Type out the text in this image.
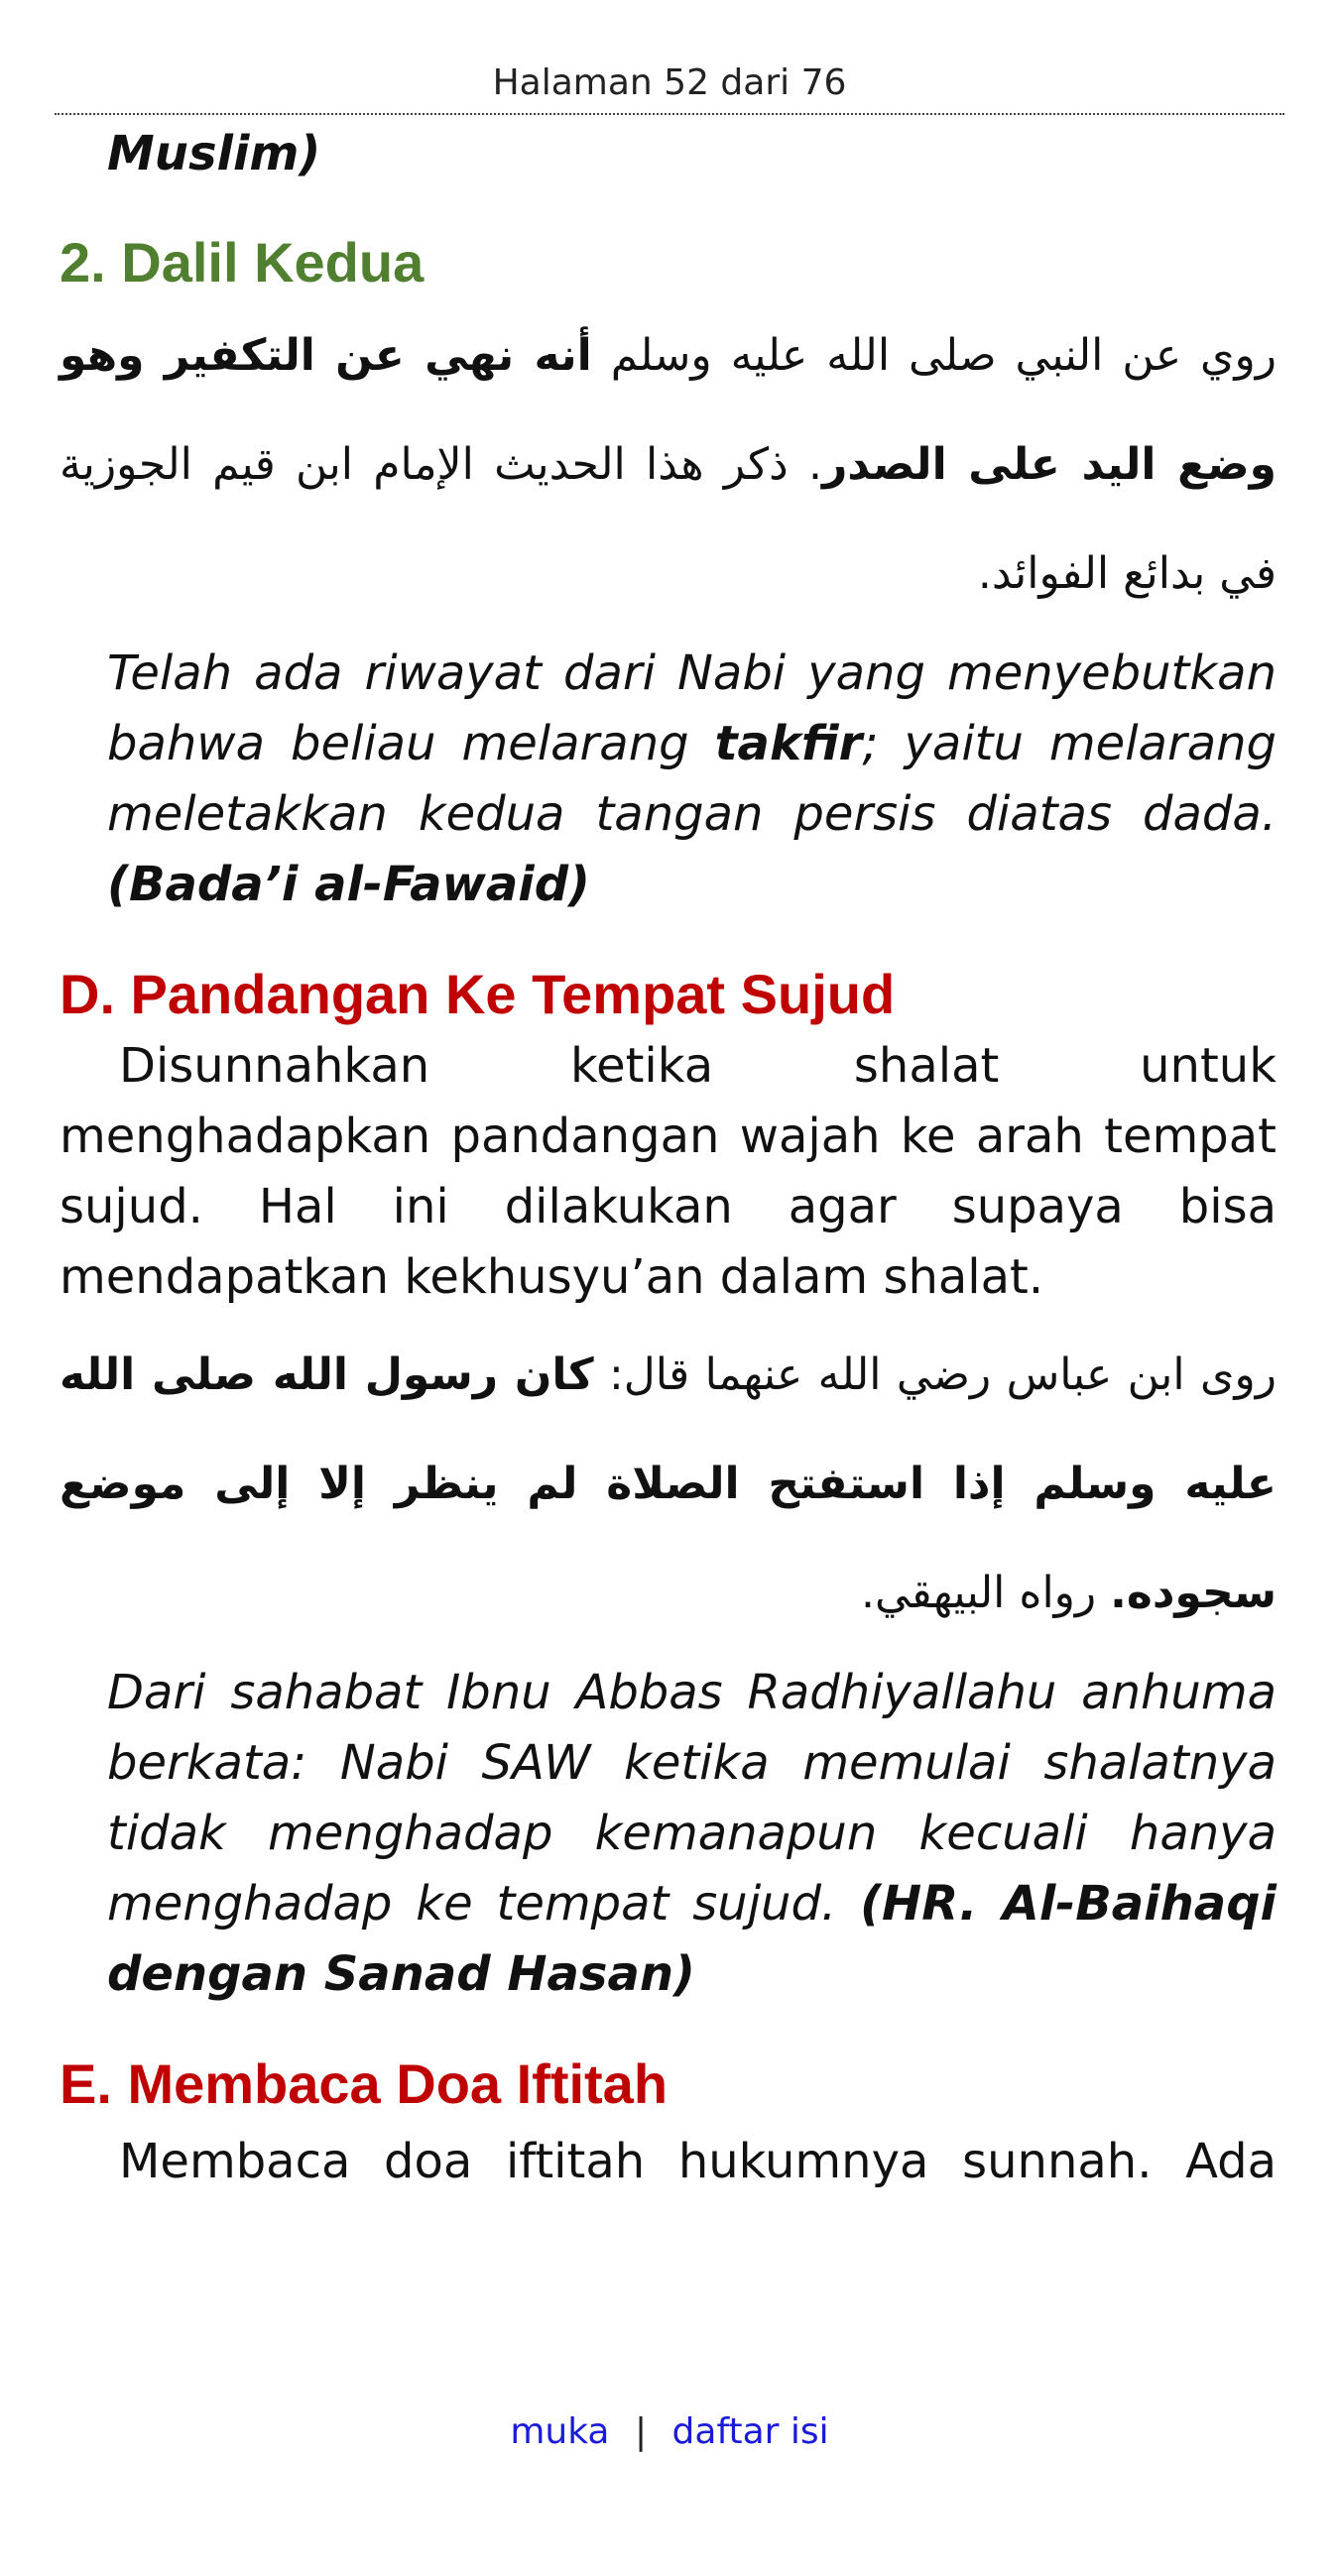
Halaman 52 dari 76

Muslim)

2. Dalil Kedua

روي عن النبي صلى الله عليه وسلم أنه نهي عن التكفير وهو وضع اليد على الصدر. ذكر هذا الحديث الإمام ابن قيم الجوزية في بدائع الفوائد.

Telah ada riwayat dari Nabi yang menyebutkan bahwa beliau melarang takfir; yaitu melarang meletakkan kedua tangan persis diatas dada. (Bada’i al-Fawaid)

D. Pandangan Ke Tempat Sujud

Disunnahkan ketika shalat untuk menghadapkan pandangan wajah ke arah tempat sujud. Hal ini dilakukan agar supaya bisa mendapatkan kekhusyu’an dalam shalat.

روى ابن عباس رضي الله عنهما قال: كان رسول الله صلى الله عليه وسلم إذا استفتح الصلاة لم ينظر إلا إلى موضع سجوده. رواه البيهقي.

Dari sahabat Ibnu Abbas Radhiyallahu anhuma berkata: Nabi SAW ketika memulai shalatnya tidak menghadap kemanapun kecuali hanya menghadap ke tempat sujud. (HR. Al-Baihaqi dengan Sanad Hasan)

E. Membaca Doa Iftitah

Membaca doa iftitah hukumnya sunnah. Ada

muka | daftar isi
